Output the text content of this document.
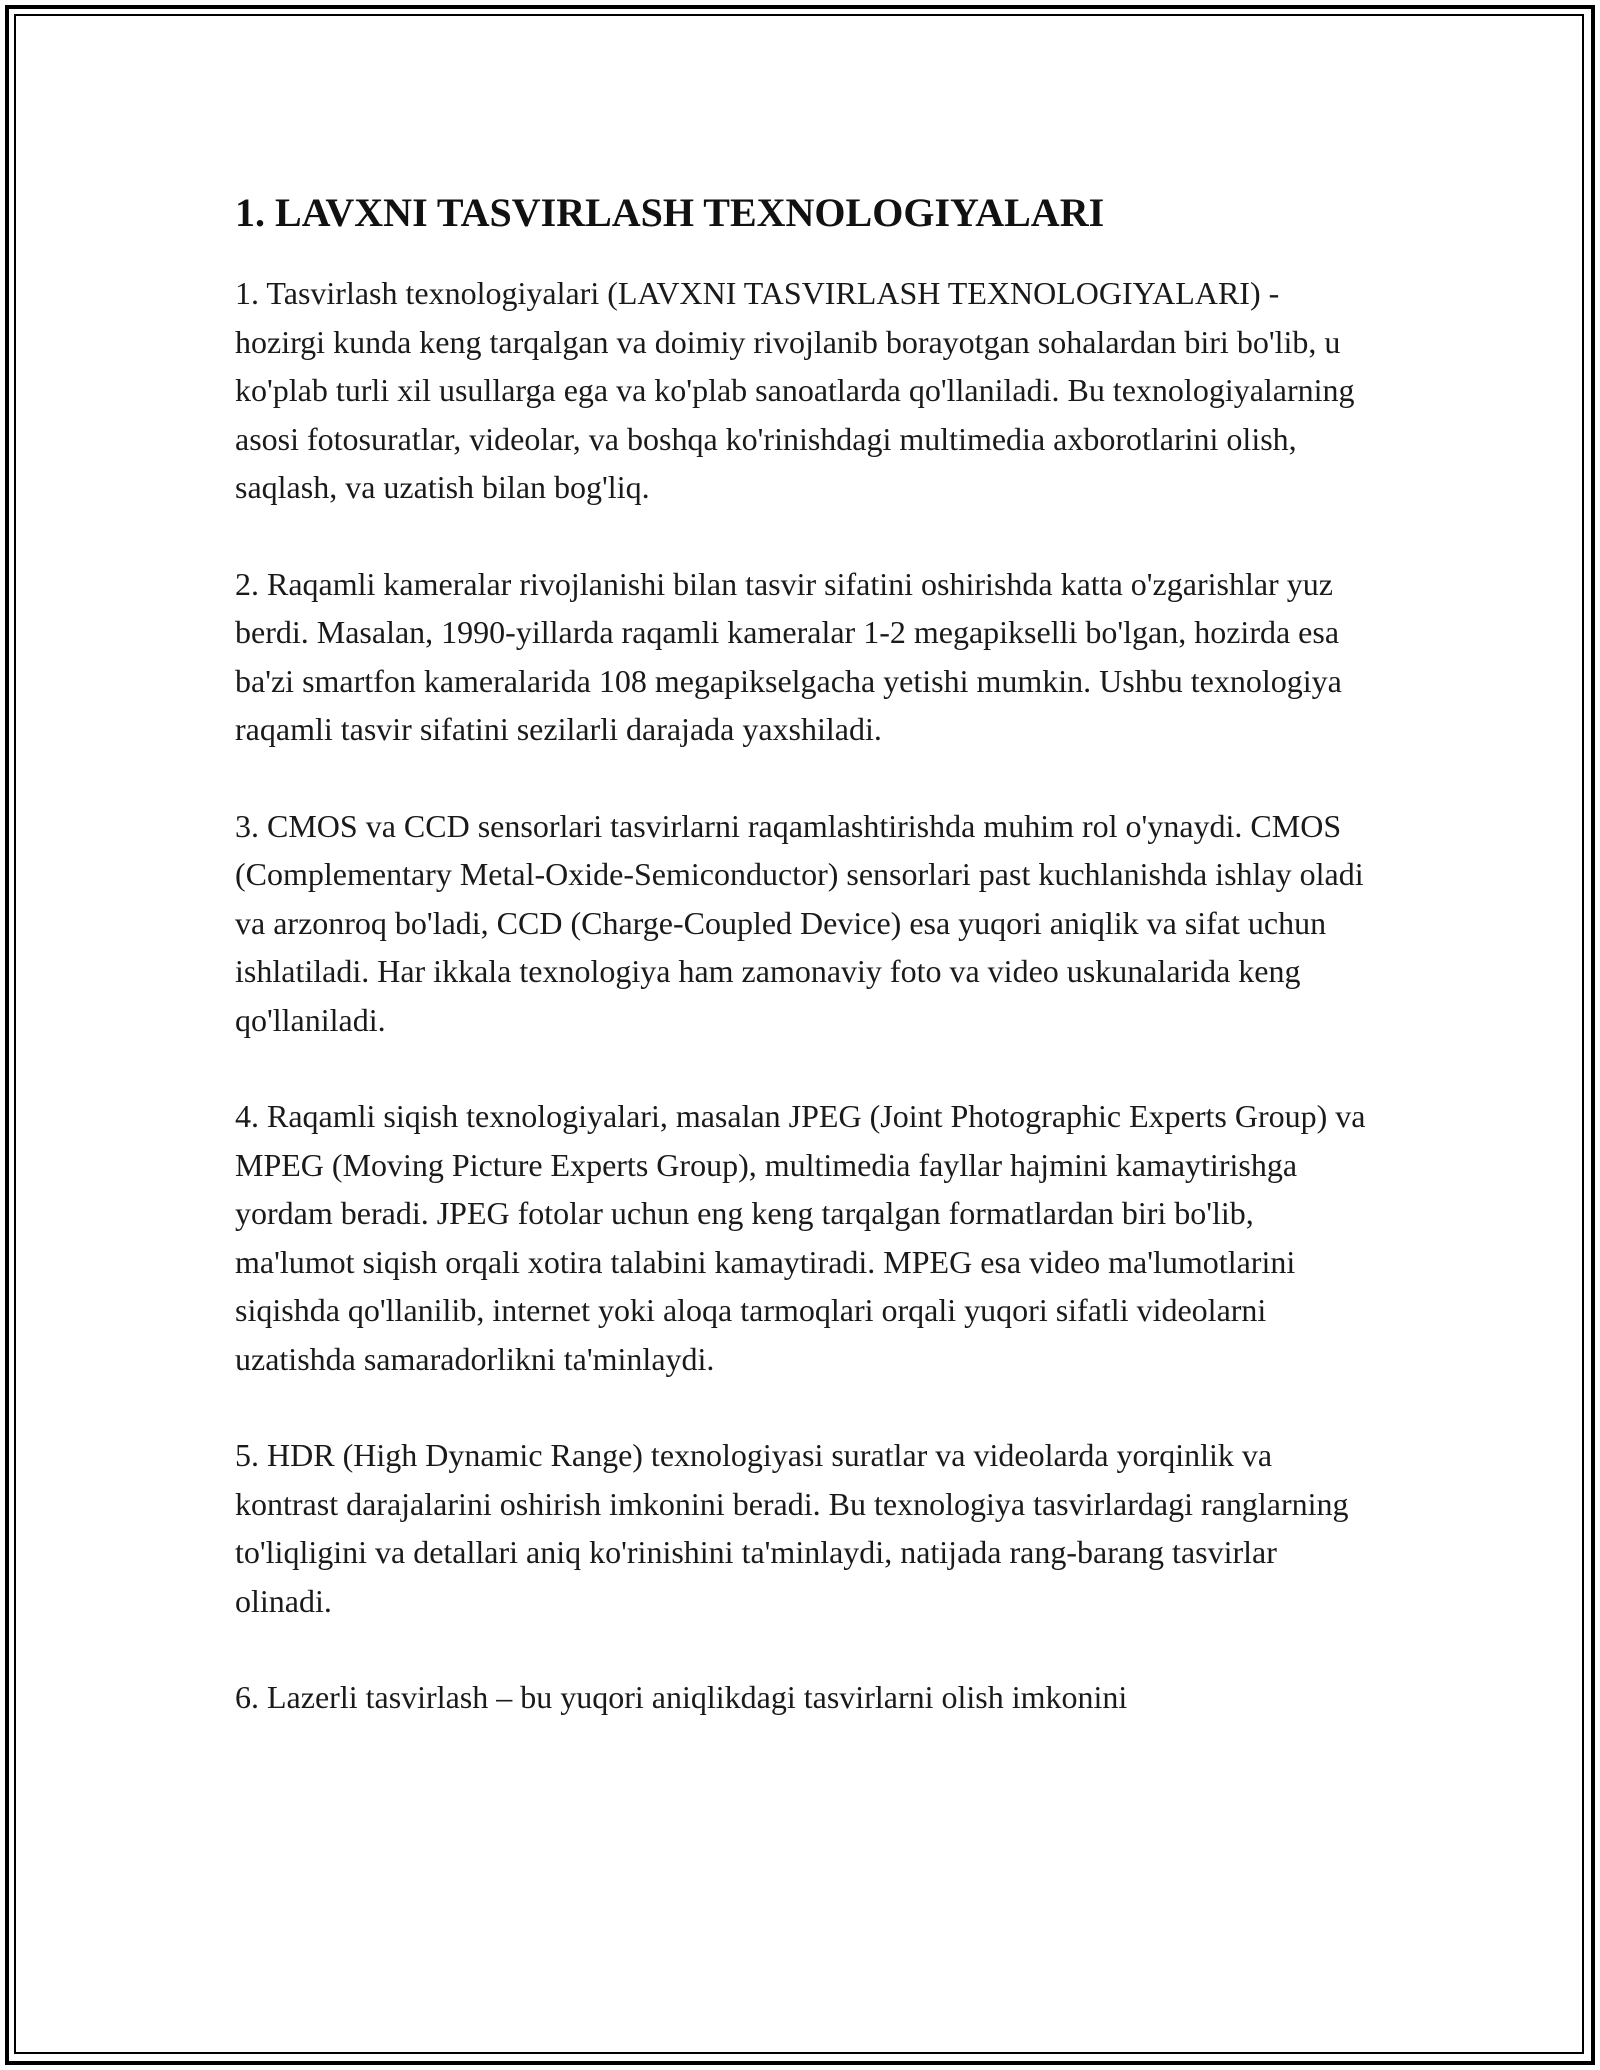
1. LAVXNI TASVIRLASH TEXNOLOGIYALARI

1. Tasvirlash texnologiyalari (LAVXNI TASVIRLASH TEXNOLOGIYALARI) - hozirgi kunda keng tarqalgan va doimiy rivojlanib borayotgan sohalardan biri bo'lib, u ko'plab turli xil usullarga ega va ko'plab sanoatlarda qo'llaniladi. Bu texnologiyalarning asosi fotosuratlar, videolar, va boshqa ko'rinishdagi multimedia axborotlarini olish, saqlash, va uzatish bilan bog'liq.

2. Raqamli kameralar rivojlanishi bilan tasvir sifatini oshirishda katta o'zgarishlar yuz berdi. Masalan, 1990-yillarda raqamli kameralar 1-2 megapikselli bo'lgan, hozirda esa ba'zi smartfon kameralarida 108 megapikselgacha yetishi mumkin. Ushbu texnologiya raqamli tasvir sifatini sezilarli darajada yaxshiladi.

3. CMOS va CCD sensorlari tasvirlarni raqamlashtirishda muhim rol o'ynaydi. CMOS (Complementary Metal-Oxide-Semiconductor) sensorlari past kuchlanishda ishlay oladi va arzonroq bo'ladi, CCD (Charge-Coupled Device) esa yuqori aniqlik va sifat uchun ishlatiladi. Har ikkala texnologiya ham zamonaviy foto va video uskunalarida keng qo'llaniladi.

4. Raqamli siqish texnologiyalari, masalan JPEG (Joint Photographic Experts Group) va MPEG (Moving Picture Experts Group), multimedia fayllar hajmini kamaytirishga yordam beradi. JPEG fotolar uchun eng keng tarqalgan formatlardan biri bo'lib, ma'lumot siqish orqali xotira talabini kamaytiradi. MPEG esa video ma'lumotlarini siqishda qo'llanilib, internet yoki aloqa tarmoqlari orqali yuqori sifatli videolarni uzatishda samaradorlikni ta'minlaydi.

5. HDR (High Dynamic Range) texnologiyasi suratlar va videolarda yorqinlik va kontrast darajalarini oshirish imkonini beradi. Bu texnologiya tasvirlardagi ranglarning to'liqligini va detallari aniq ko'rinishini ta'minlaydi, natijada rang-barang tasvirlar olinadi.

6. Lazerli tasvirlash – bu yuqori aniqlikdagi tasvirlarni olish imkonini
